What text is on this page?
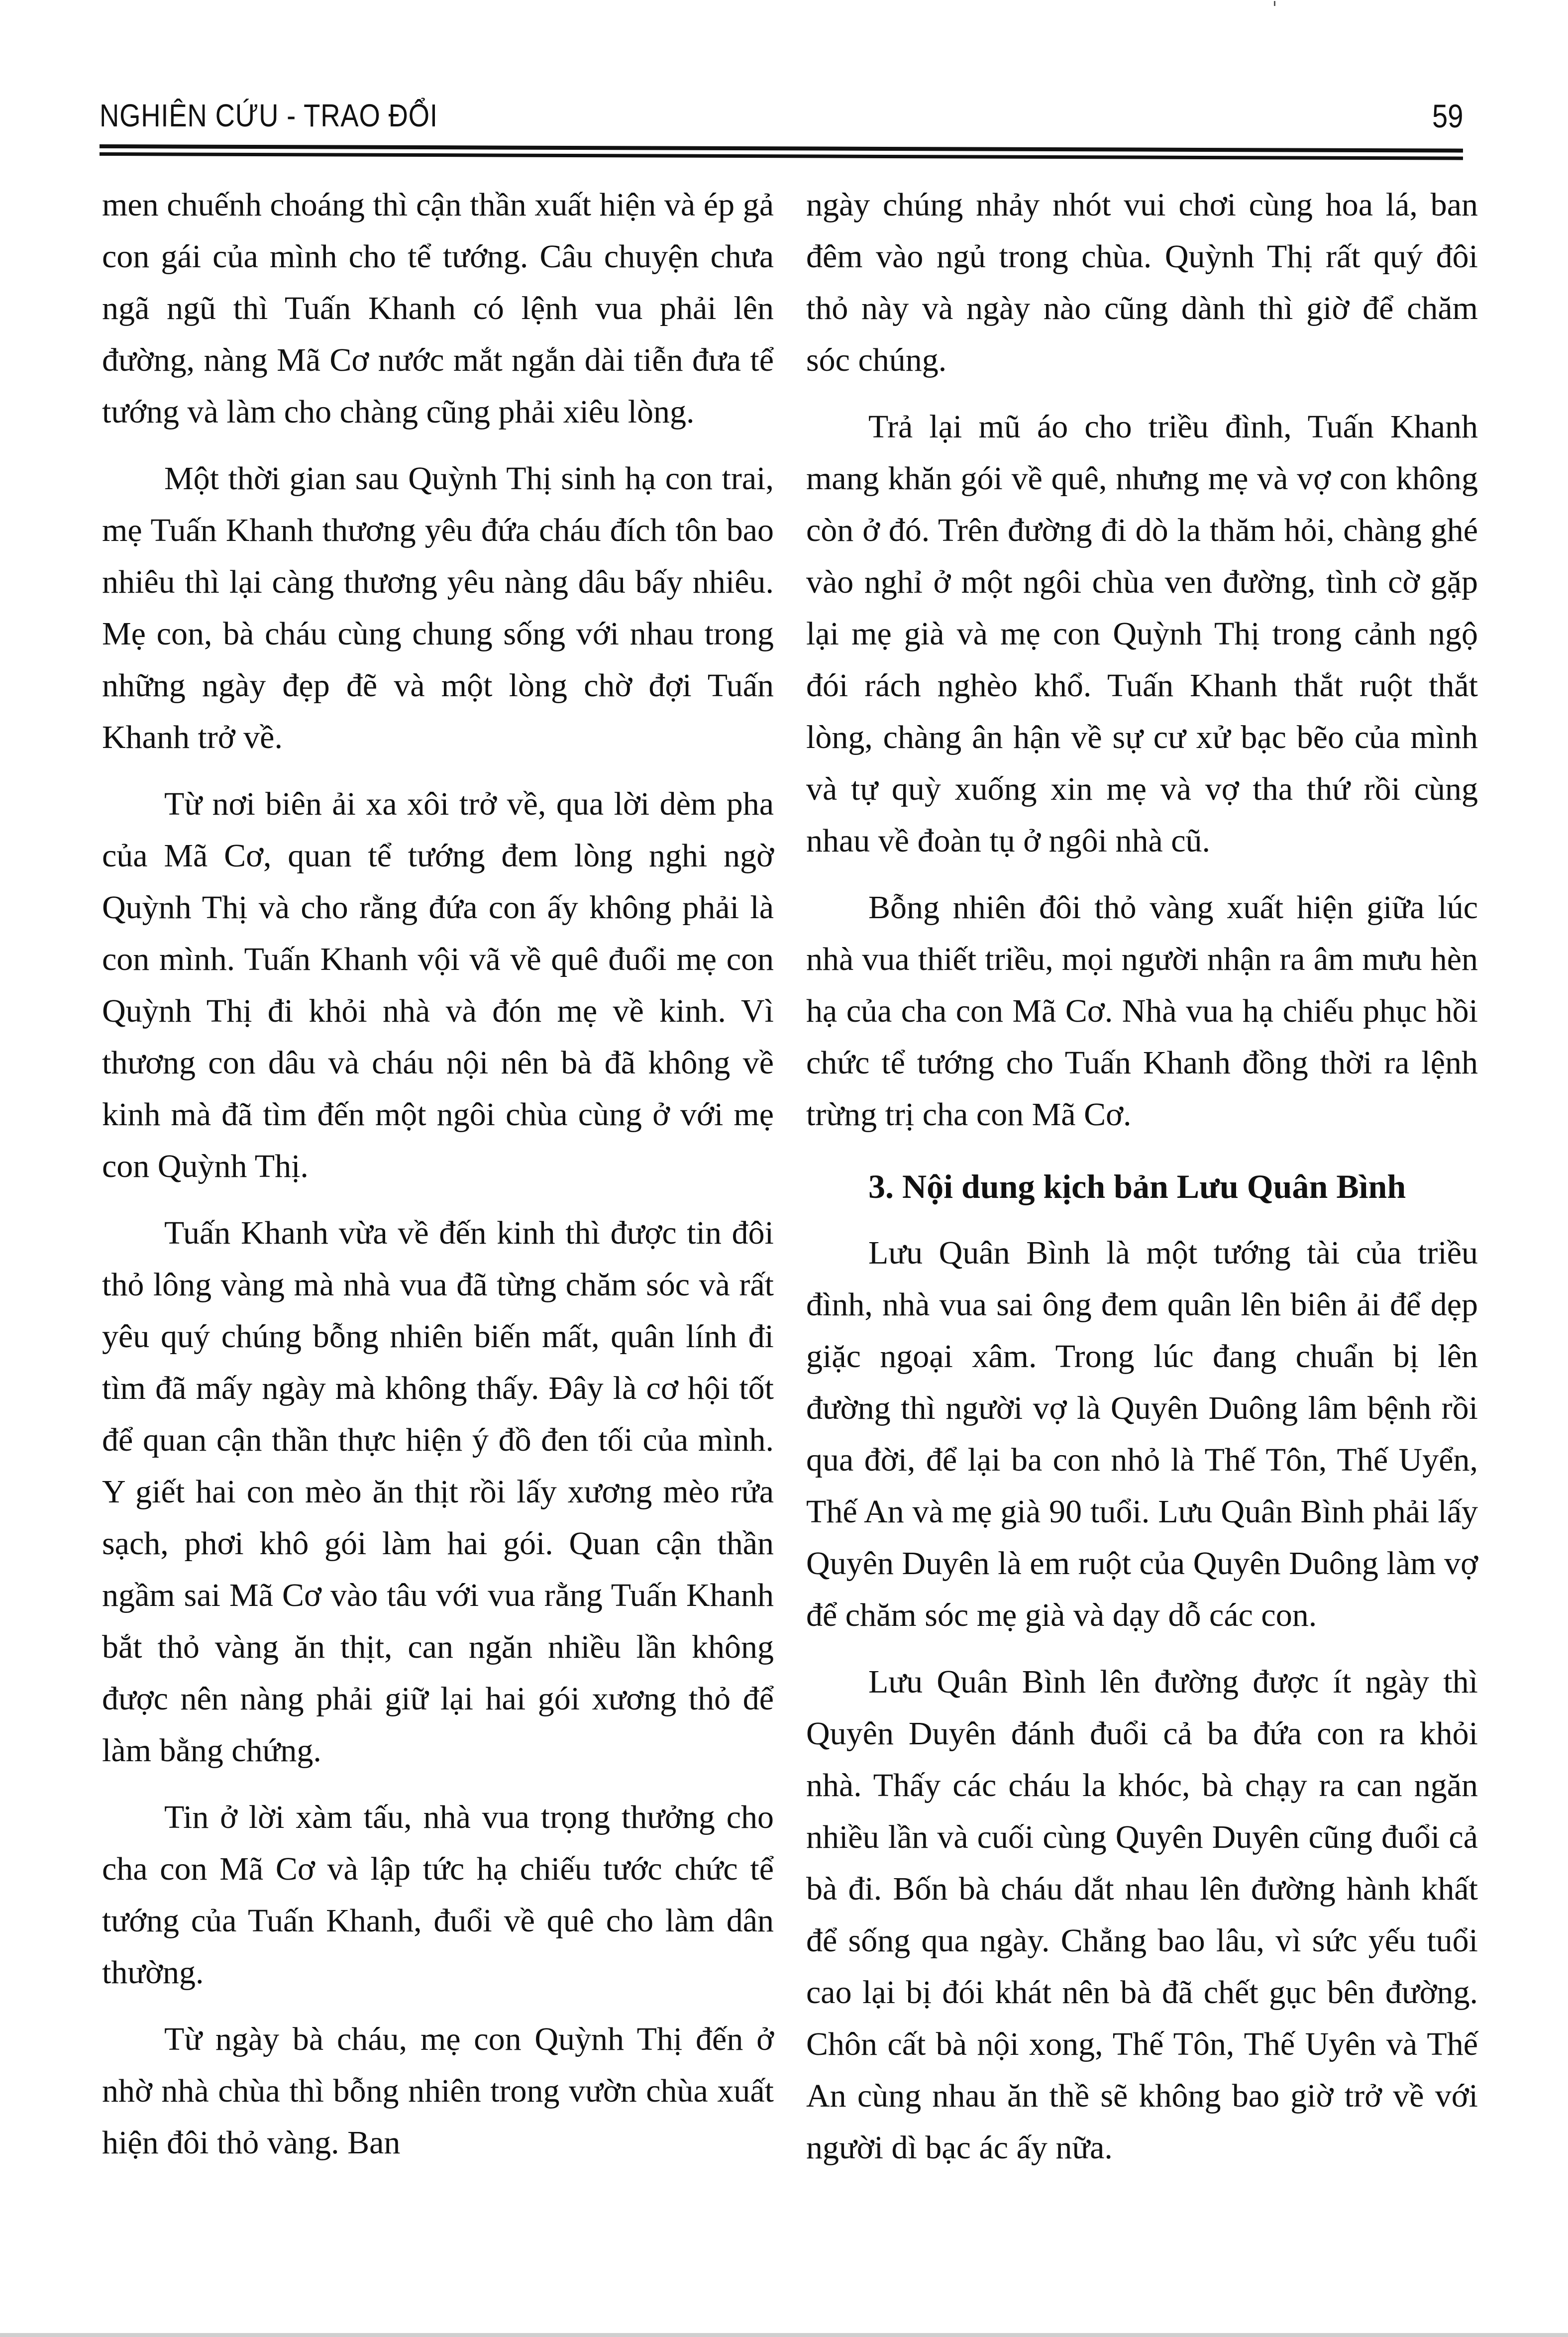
NGHIÊN CỨU - TRAO ĐỔI	59

men chuếnh choáng thì cận thần xuất hiện và ép gả con gái của mình cho tể tướng. Câu chuyện chưa ngã ngũ thì Tuấn Khanh có lệnh vua phải lên đường, nàng Mã Cơ nước mắt ngắn dài tiễn đưa tể tướng và làm cho chàng cũng phải xiêu lòng.

Một thời gian sau Quỳnh Thị sinh hạ con trai, mẹ Tuấn Khanh thương yêu đứa cháu đích tôn bao nhiêu thì lại càng thương yêu nàng dâu bấy nhiêu. Mẹ con, bà cháu cùng chung sống với nhau trong những ngày đẹp đẽ và một lòng chờ đợi Tuấn Khanh trở về.

Từ nơi biên ải xa xôi trở về, qua lời dèm pha của Mã Cơ, quan tể tướng đem lòng nghi ngờ Quỳnh Thị và cho rằng đứa con ấy không phải là con mình. Tuấn Khanh vội vã về quê đuổi mẹ con Quỳnh Thị đi khỏi nhà và đón mẹ về kinh. Vì thương con dâu và cháu nội nên bà đã không về kinh mà đã tìm đến một ngôi chùa cùng ở với mẹ con Quỳnh Thị.

Tuấn Khanh vừa về đến kinh thì được tin đôi thỏ lông vàng mà nhà vua đã từng chăm sóc và rất yêu quý chúng bỗng nhiên biến mất, quân lính đi tìm đã mấy ngày mà không thấy. Đây là cơ hội tốt để quan cận thần thực hiện ý đồ đen tối của mình. Y giết hai con mèo ăn thịt rồi lấy xương mèo rửa sạch, phơi khô gói làm hai gói. Quan cận thần ngầm sai Mã Cơ vào tâu với vua rằng Tuấn Khanh bắt thỏ vàng ăn thịt, can ngăn nhiều lần không được nên nàng phải giữ lại hai gói xương thỏ để làm bằng chứng.

Tin ở lời xàm tấu, nhà vua trọng thưởng cho cha con Mã Cơ và lập tức hạ chiếu tước chức tể tướng của Tuấn Khanh, đuổi về quê cho làm dân thường.

Từ ngày bà cháu, mẹ con Quỳnh Thị đến ở nhờ nhà chùa thì bỗng nhiên trong vườn chùa xuất hiện đôi thỏ vàng. Ban

ngày chúng nhảy nhót vui chơi cùng hoa lá, ban đêm vào ngủ trong chùa. Quỳnh Thị rất quý đôi thỏ này và ngày nào cũng dành thì giờ để chăm sóc chúng.

Trả lại mũ áo cho triều đình, Tuấn Khanh mang khăn gói về quê, nhưng mẹ và vợ con không còn ở đó. Trên đường đi dò la thăm hỏi, chàng ghé vào nghỉ ở một ngôi chùa ven đường, tình cờ gặp lại mẹ già và mẹ con Quỳnh Thị trong cảnh ngộ đói rách nghèo khổ. Tuấn Khanh thắt ruột thắt lòng, chàng ân hận về sự cư xử bạc bẽo của mình và tự quỳ xuống xin mẹ và vợ tha thứ rồi cùng nhau về đoàn tụ ở ngôi nhà cũ.

Bỗng nhiên đôi thỏ vàng xuất hiện giữa lúc nhà vua thiết triều, mọi người nhận ra âm mưu hèn hạ của cha con Mã Cơ. Nhà vua hạ chiếu phục hồi chức tể tướng cho Tuấn Khanh đồng thời ra lệnh trừng trị cha con Mã Cơ.

3. Nội dung kịch bản Lưu Quân Bình

Lưu Quân Bình là một tướng tài của triều đình, nhà vua sai ông đem quân lên biên ải để dẹp giặc ngoại xâm. Trong lúc đang chuẩn bị lên đường thì người vợ là Quyên Duông lâm bệnh rồi qua đời, để lại ba con nhỏ là Thế Tôn, Thế Uyển, Thế An và mẹ già 90 tuổi. Lưu Quân Bình phải lấy Quyên Duyên là em ruột của Quyên Duông làm vợ để chăm sóc mẹ già và dạy dỗ các con.

Lưu Quân Bình lên đường được ít ngày thì Quyên Duyên đánh đuổi cả ba đứa con ra khỏi nhà. Thấy các cháu la khóc, bà chạy ra can ngăn nhiều lần và cuối cùng Quyên Duyên cũng đuổi cả bà đi. Bốn bà cháu dắt nhau lên đường hành khất để sống qua ngày. Chẳng bao lâu, vì sức yếu tuổi cao lại bị đói khát nên bà đã chết gục bên đường. Chôn cất bà nội xong, Thế Tôn, Thế Uyên và Thế An cùng nhau ăn thề sẽ không bao giờ trở về với người dì bạc ác ấy nữa.
